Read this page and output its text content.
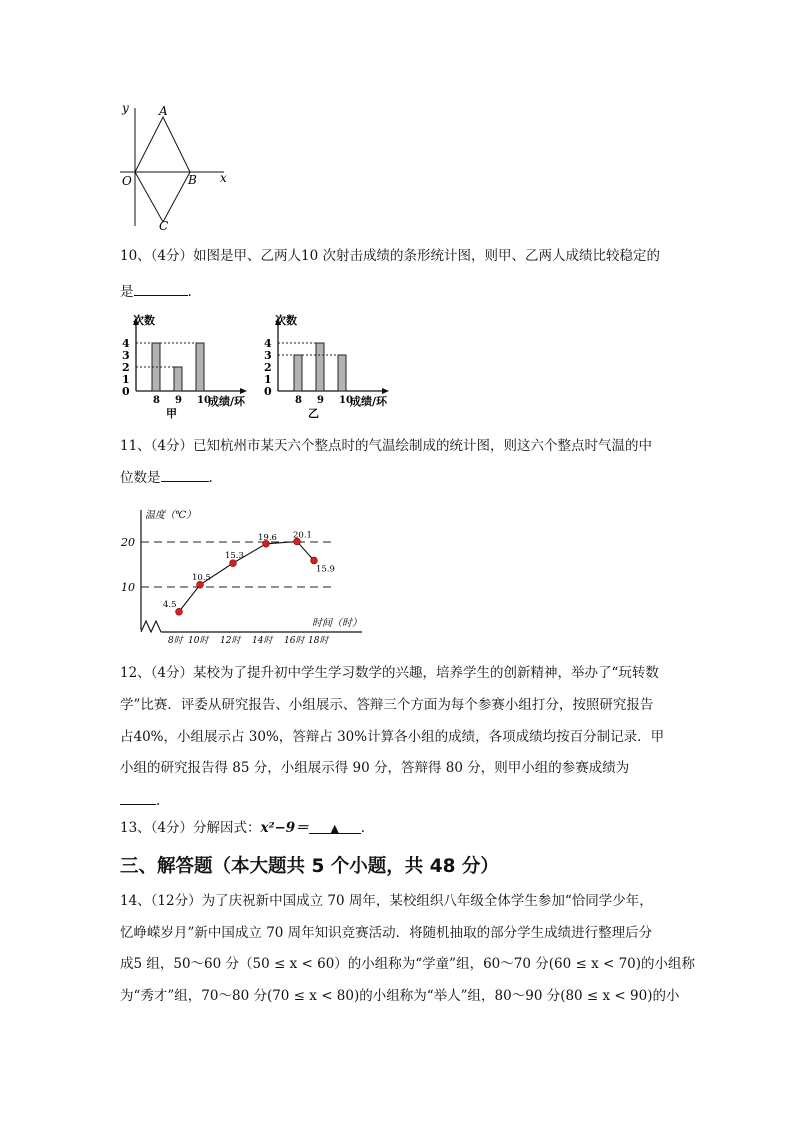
y
x
A
O	B
C
10、（4分）如图是甲、乙两人10 次射击成绩的条形统计图，则甲、乙两人成绩比较稳定的
是	.
0
1
2
3
4
次数
8 9 10
成绩/环
甲
0
1
2
3
4
次数
8 9 10
成绩/环
乙
11、（4分）已知杭州市某天六个整点时的气温绘制成的统计图，则这六个整点时气温的中
位数是	.
温度（℃）
时间（时）
20
10
8时 10时 12时 14时 16时 18时
4.5
10.5
15.3
19.6 20.1
15.9
12、（4分）某校为了提升初中学生学习数学的兴趣，培养学生的创新精神，举办了“玩转数
学”比赛．评委从研究报告、小组展示、答辩三个方面为每个参赛小组打分，按照研究报告
占40%，小组展示占 30%，答辩占 30%计算各小组的成绩，各项成绩均按百分制记录．甲
小组的研究报告得 85 分，小组展示得 90 分，答辩得 80 分，则甲小组的参赛成绩为
.
13、（4分）分解因式：x²−9＝ ▲ .
三、解答题（本大题共 5 个小题，共 48 分）
14、（12分）为了庆祝新中国成立 70 周年，某校组织八年级全体学生参加“恰同学少年，
忆峥嵘岁月”新中国成立 70 周年知识竞赛活动．将随机抽取的部分学生成绩进行整理后分
成5 组，50～60 分（50 ≤ x < 60）的小组称为“学童”组，60～70 分(60 ≤ x < 70)的小组称
为“秀才”组，70～80 分(70 ≤ x < 80)的小组称为“举人”组，80～90 分(80 ≤ x < 90)的小
